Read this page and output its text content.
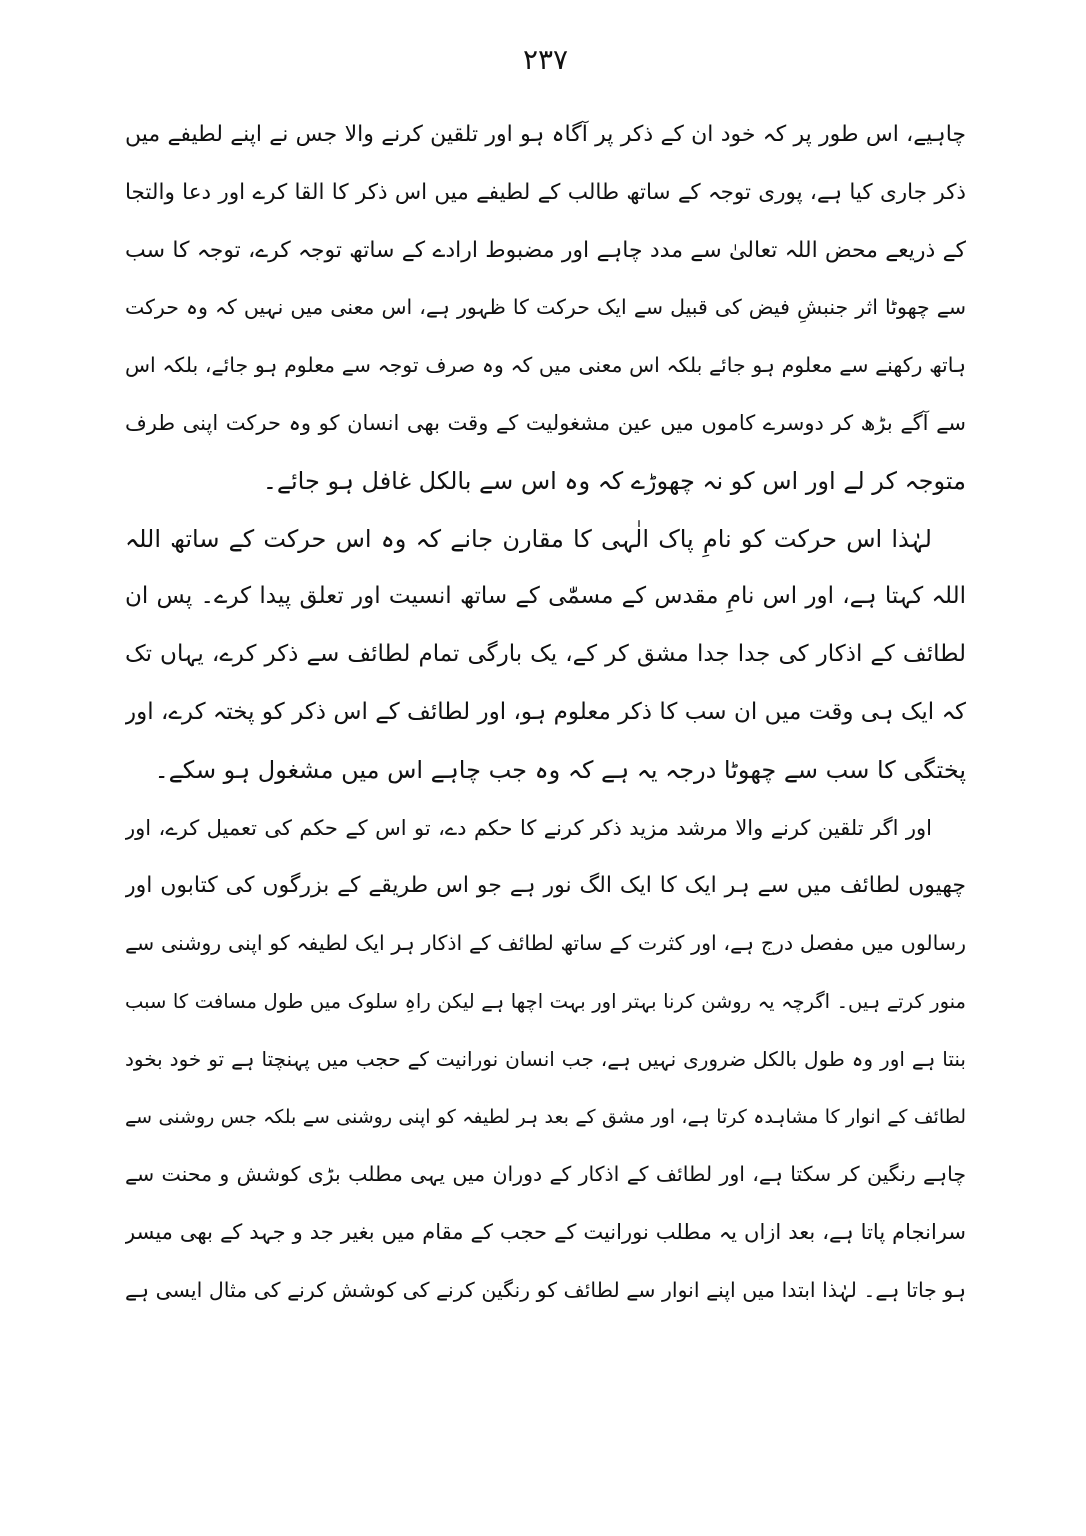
۲۳۷
چاہیے، اس طور پر کہ خود ان کے ذکر پر آگاہ ہو اور تلقین کرنے والا جس نے اپنے لطیفے میں
ذکر جاری کیا ہے، پوری توجہ کے ساتھ طالب کے لطیفے میں اس ذکر کا القا کرے اور دعا والتجا
کے ذریعے محض اللہ تعالیٰ سے مدد چاہے اور مضبوط ارادے کے ساتھ توجہ کرے، توجہ کا سب
سے چھوٹا اثر جنبشِ فیض کی قبیل سے ایک حرکت کا ظہور ہے، اس معنی میں نہیں کہ وہ حرکت
ہاتھ رکھنے سے معلوم ہو جائے بلکہ اس معنی میں کہ وہ صرف توجہ سے معلوم ہو جائے، بلکہ اس
سے آگے بڑھ کر دوسرے کاموں میں عین مشغولیت کے وقت بھی انسان کو وہ حرکت اپنی طرف
متوجہ کر لے اور اس کو نہ چھوڑے کہ وہ اس سے بالکل غافل ہو جائے۔
لہٰذا اس حرکت کو نامِ پاک الٰہی کا مقارن جانے کہ وہ اس حرکت کے ساتھ اللہ
اللہ کہتا ہے، اور اس نامِ مقدس کے مسمّٰی کے ساتھ انسیت اور تعلق پیدا کرے۔ پس ان
لطائف کے اذکار کی جدا جدا مشق کر کے، یک بارگی تمام لطائف سے ذکر کرے، یہاں تک
کہ ایک ہی وقت میں ان سب کا ذکر معلوم ہو، اور لطائف کے اس ذکر کو پختہ کرے، اور
پختگی کا سب سے چھوٹا درجہ یہ ہے کہ وہ جب چاہے اس میں مشغول ہو سکے۔
اور اگر تلقین کرنے والا مرشد مزید ذکر کرنے کا حکم دے، تو اس کے حکم کی تعمیل کرے، اور
چھیوں لطائف میں سے ہر ایک کا ایک الگ نور ہے جو اس طریقے کے بزرگوں کی کتابوں اور
رسالوں میں مفصل درج ہے، اور کثرت کے ساتھ لطائف کے اذکار ہر ایک لطیفہ کو اپنی روشنی سے
منور کرتے ہیں۔ اگرچہ یہ روشن کرنا بہتر اور بہت اچھا ہے لیکن راہِ سلوک میں طول مسافت کا سبب
بنتا ہے اور وہ طول بالکل ضروری نہیں ہے، جب انسان نورانیت کے حجب میں پہنچتا ہے تو خود بخود
لطائف کے انوار کا مشاہدہ کرتا ہے، اور مشق کے بعد ہر لطیفہ کو اپنی روشنی سے بلکہ جس روشنی سے
چاہے رنگین کر سکتا ہے، اور لطائف کے اذکار کے دوران میں یہی مطلب بڑی کوشش و محنت سے
سرانجام پاتا ہے، بعد ازاں یہ مطلب نورانیت کے حجب کے مقام میں بغیر جد و جہد کے بھی میسر
ہو جاتا ہے۔ لہٰذا ابتدا میں اپنے انوار سے لطائف کو رنگین کرنے کی کوشش کرنے کی مثال ایسی ہے
